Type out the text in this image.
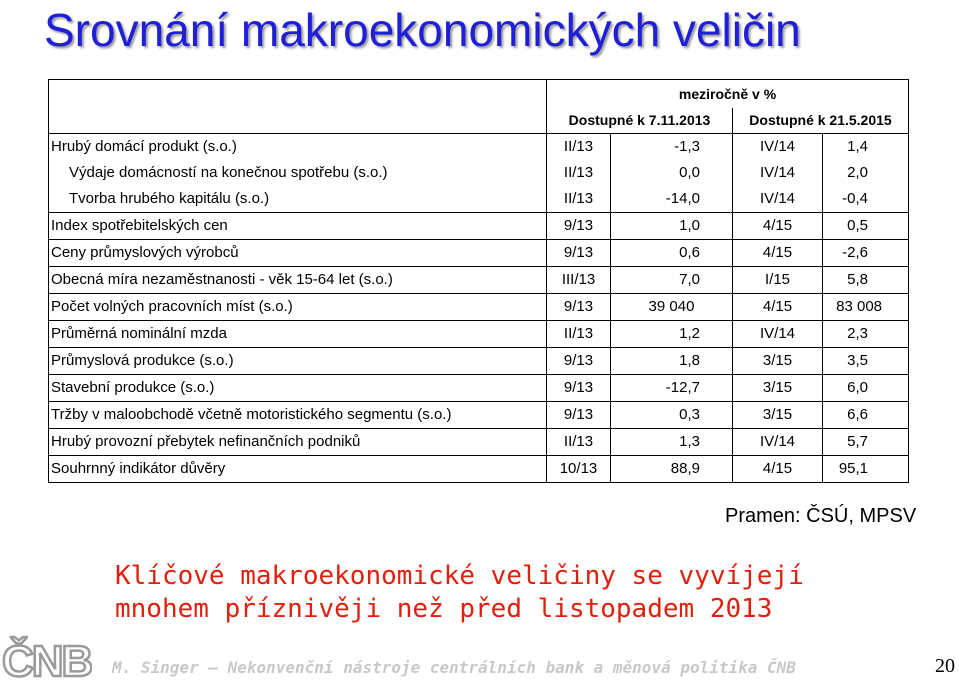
Srovnání makroekonomických veličin
	meziročně v %			
	Dostupné k 7.11.2013		Dostupné k 21.5.2015	
Hrubý domácí produkt (s.o.)	II/13	-1,3	IV/14	1,4
Výdaje domácností na konečnou spotřebu (s.o.)	II/13	0,0	IV/14	2,0
Tvorba hrubého kapitálu (s.o.)	II/13	-14,0	IV/14	-0,4
Index spotřebitelských cen	9/13	1,0	4/15	0,5
Ceny průmyslových výrobců	9/13	0,6	4/15	-2,6
Obecná míra nezaměstnanosti - věk 15-64 let (s.o.)	III/13	7,0	I/15	5,8
Počet volných pracovních míst (s.o.)	9/13	39 040	4/15	83 008
Průměrná nominální mzda	II/13	1,2	IV/14	2,3
Průmyslová produkce (s.o.)	9/13	1,8	3/15	3,5
Stavební produkce (s.o.)	9/13	-12,7	3/15	6,0
Tržby v maloobchodě včetně motoristického segmentu (s.o.)	9/13	0,3	3/15	6,6
Hrubý provozní přebytek nefinančních podniků	II/13	1,3	IV/14	5,7
Souhrnný indikátor důvěry	10/13	88,9	4/15	95,1
Pramen: ČSÚ, MPSV

Klíčové makroekonomické veličiny se vyvíjejí
mnohem příznivěji než před listopadem 2013

ČNB M. Singer – Nekonvenční nástroje centrálních bank a měnová politika ČNB	20
